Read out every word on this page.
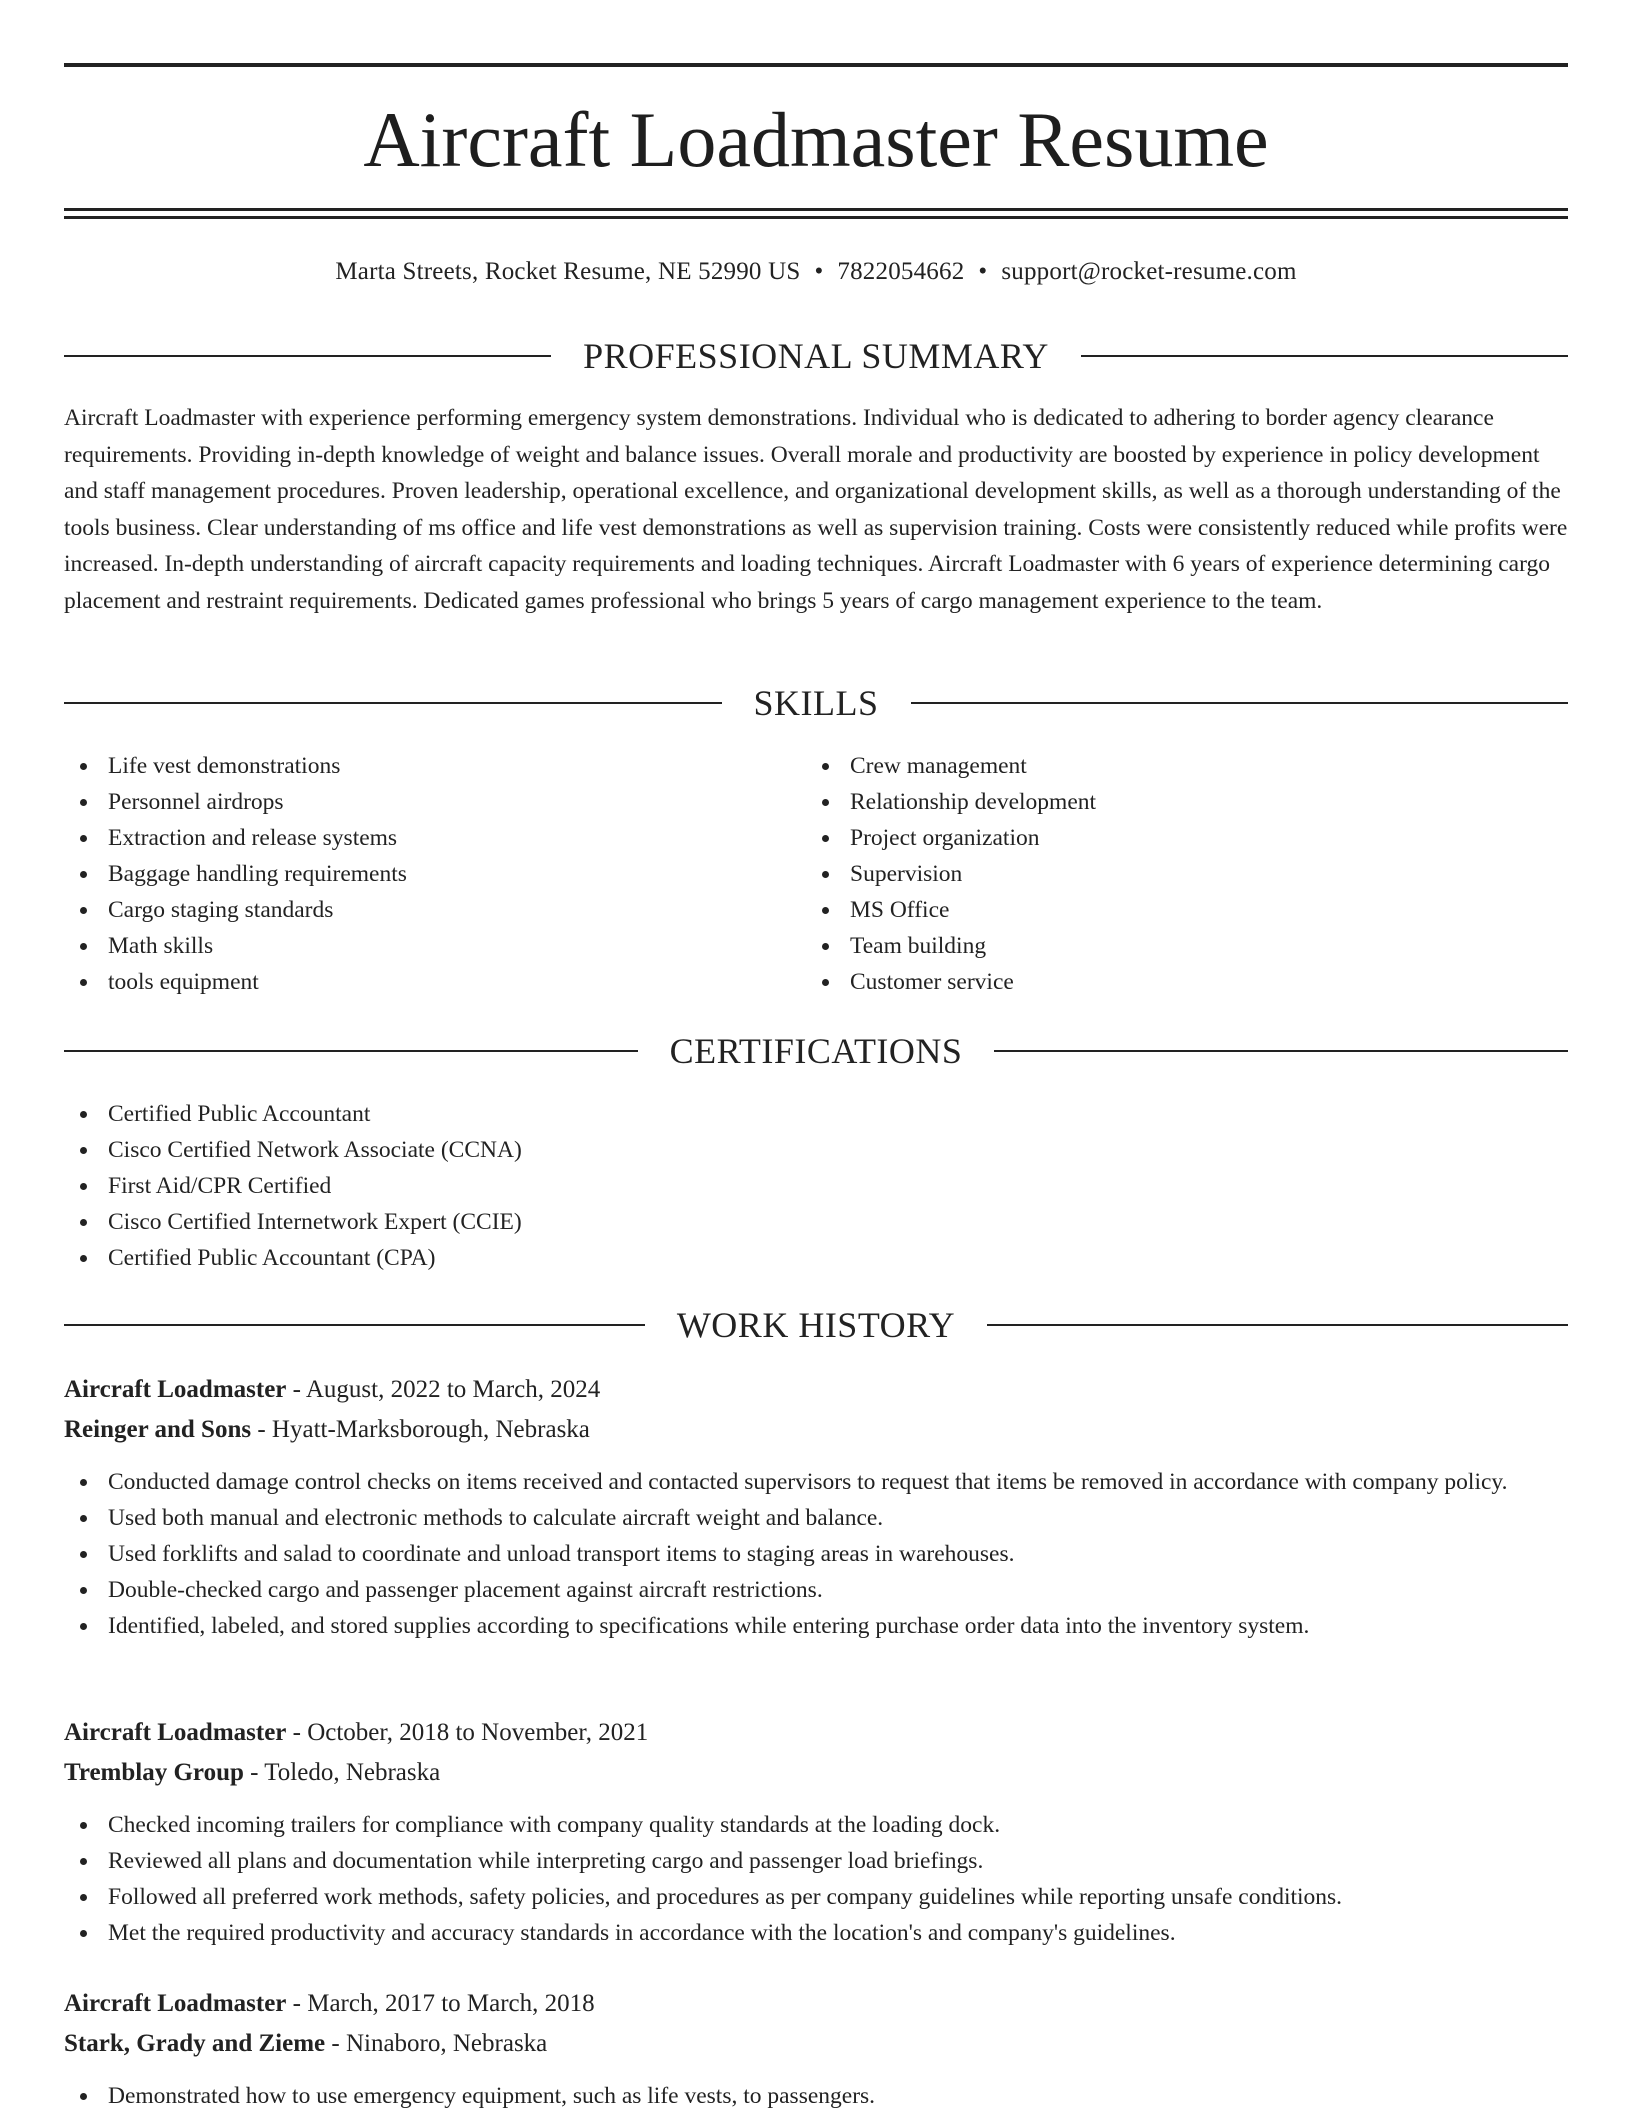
Aircraft Loadmaster Resume
Marta Streets, Rocket Resume, NE 52990 US • 7822054662 • support@rocket-resume.com
PROFESSIONAL SUMMARY

Aircraft Loadmaster with experience performing emergency system demonstrations. Individual who is dedicated to adhering to border agency clearance requirements. Providing in-depth knowledge of weight and balance issues. Overall morale and productivity are boosted by experience in policy development and staff management procedures. Proven leadership, operational excellence, and organizational development skills, as well as a thorough understanding of the tools business. Clear understanding of ms office and life vest demonstrations as well as supervision training. Costs were consistently reduced while profits were increased. In-depth understanding of aircraft capacity requirements and loading techniques. Aircraft Loadmaster with 6 years of experience determining cargo placement and restraint requirements. Dedicated games professional who brings 5 years of cargo management experience to the team.

SKILLS
Life vest demonstrations
Personnel airdrops
Extraction and release systems
Baggage handling requirements
Cargo staging standards
Math skills
tools equipment
Crew management
Relationship development
Project organization
Supervision
MS Office
Team building
Customer service
CERTIFICATIONS
Certified Public Accountant
Cisco Certified Network Associate (CCNA)
First Aid/CPR Certified
Cisco Certified Internetwork Expert (CCIE)
Certified Public Accountant (CPA)
WORK HISTORY
Aircraft Loadmaster - August, 2022 to March, 2024
Reinger and Sons - Hyatt-Marksborough, Nebraska
Conducted damage control checks on items received and contacted supervisors to request that items be removed in accordance with company policy.
Used both manual and electronic methods to calculate aircraft weight and balance.
Used forklifts and salad to coordinate and unload transport items to staging areas in warehouses.
Double-checked cargo and passenger placement against aircraft restrictions.
Identified, labeled, and stored supplies according to specifications while entering purchase order data into the inventory system.
Aircraft Loadmaster - October, 2018 to November, 2021
Tremblay Group - Toledo, Nebraska
Checked incoming trailers for compliance with company quality standards at the loading dock.
Reviewed all plans and documentation while interpreting cargo and passenger load briefings.
Followed all preferred work methods, safety policies, and procedures as per company guidelines while reporting unsafe conditions.
Met the required productivity and accuracy standards in accordance with the location's and company's guidelines.
Aircraft Loadmaster - March, 2017 to March, 2018
Stark, Grady and Zieme - Ninaboro, Nebraska
Demonstrated how to use emergency equipment, such as life vests, to passengers.
